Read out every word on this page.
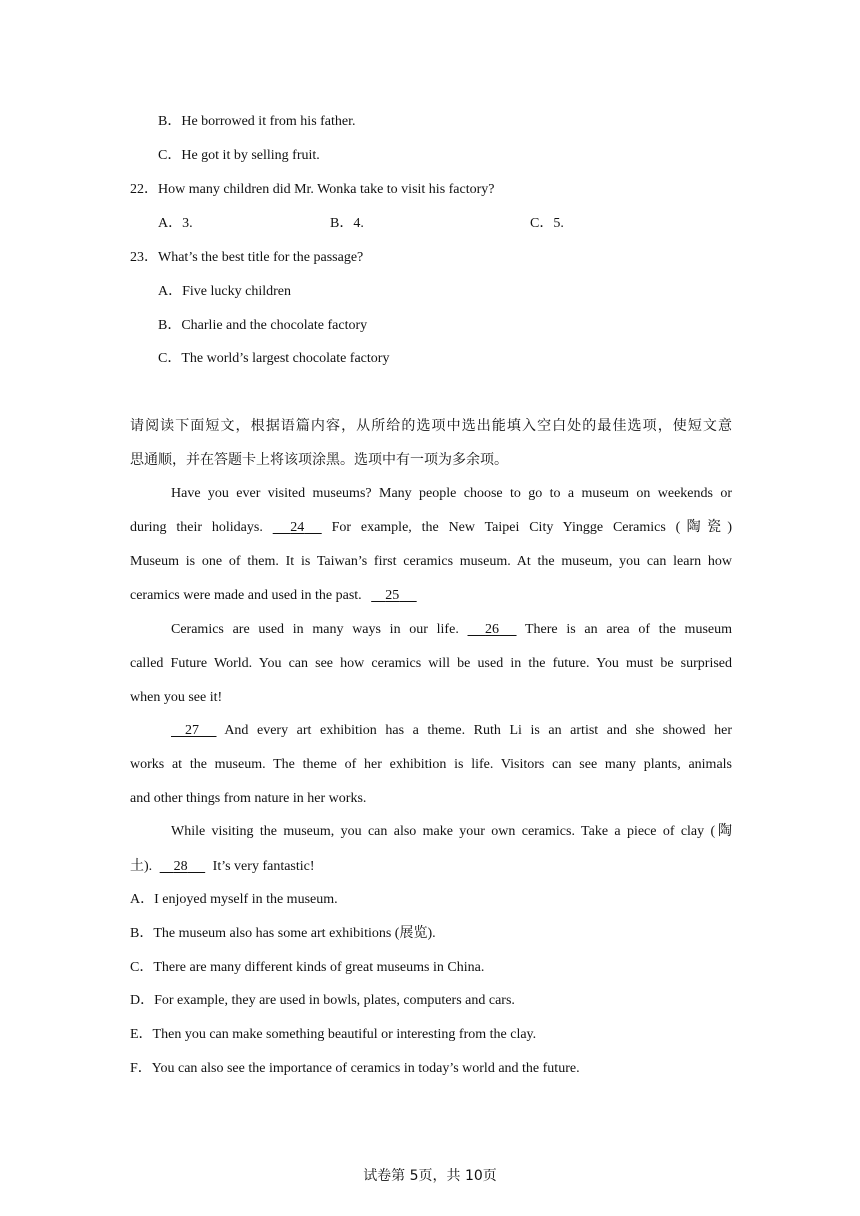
B．He borrowed it from his father.
C．He got it by selling fruit.
22．How many children did Mr. Wonka take to visit his factory?
A．3.	B．4.	C．5.
23．What’s the best title for the passage?
A．Five lucky children
B．Charlie and the chocolate factory
C．The world’s largest chocolate factory
请阅读下面短文，根据语篇内容，从所给的选项中选出能填入空白处的最佳选项，使短文意
思通顺，并在答题卡上将该项涂黑。选项中有一项为多余项。
Have you ever visited museums? Many people choose to go to a museum on weekends or
during their holidays. 24 For example, the New Taipei City Yingge Ceramics (陶瓷)
Museum is one of them. It is Taiwan’s first ceramics museum. At the museum, you can learn how
ceramics were made and used in the past. 25
Ceramics are used in many ways in our life. 26 There is an area of the museum
called Future World. You can see how ceramics will be used in the future. You must be surprised
when you see it!
27 And every art exhibition has a theme. Ruth Li is an artist and she showed her
works at the museum. The theme of her exhibition is life. Visitors can see many plants, animals
and other things from nature in her works.
While visiting the museum, you can also make your own ceramics. Take a piece of clay (陶
土). 28 It’s very fantastic!
A．I enjoyed myself in the museum.
B．The museum also has some art exhibitions (展览).
C．There are many different kinds of great museums in China.
D．For example, they are used in bowls, plates, computers and cars.
E．Then you can make something beautiful or interesting from the clay.
F．You can also see the importance of ceramics in today’s world and the future.
试卷第 5页，共 10页
